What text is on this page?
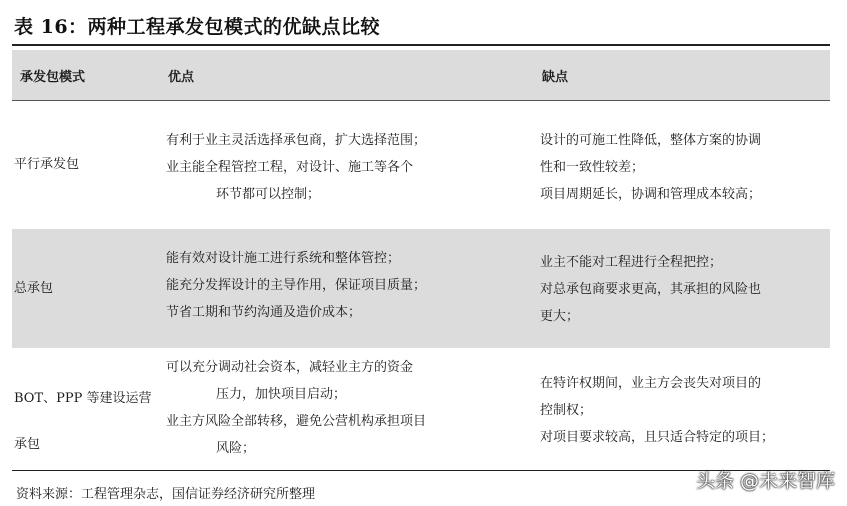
表 16：两种工程承发包模式的优缺点比较
承发包模式	优点	缺点
平行承发包
有利于业主灵活选择承包商，扩大选择范围；
业主能全程管控工程，对设计、施工等各个
环节都可以控制；
设计的可施工性降低，整体方案的协调
性和一致性较差；
项目周期延长，协调和管理成本较高；
总承包
能有效对设计施工进行系统和整体管控；
能充分发挥设计的主导作用，保证项目质量；
节省工期和节约沟通及造价成本；
业主不能对工程进行全程把控；
对总承包商要求更高，其承担的风险也
更大；
BOT、PPP 等建设运营
承包
可以充分调动社会资本，减轻业主方的资金
压力，加快项目启动；
业主方风险全部转移，避免公营机构承担项目
风险；
在特许权期间，业主方会丧失对项目的
控制权；
对项目要求较高，且只适合特定的项目；
资料来源：工程管理杂志，国信证券经济研究所整理
头条 @未来智库
